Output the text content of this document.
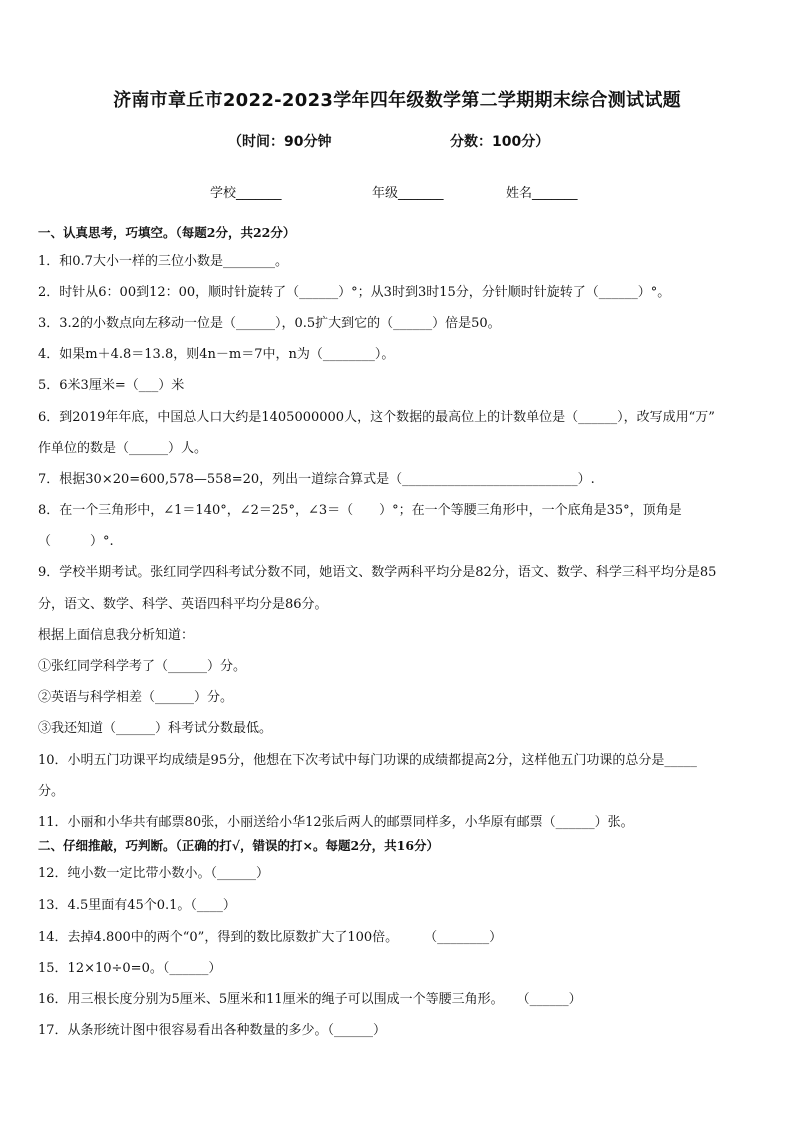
济南市章丘市2022-2023学年四年级数学第二学期期末综合测试试题
（时间：90分钟	分数：100分）
学校_______	年级_______	姓名_______
一、认真思考，巧填空。（每题2分，共22分）
1．和0.7大小一样的三位小数是________。
2．时针从6：00到12：00，顺时针旋转了（______）°；从3时到3时15分，分针顺时针旋转了（______）°。
3．3.2的小数点向左移动一位是（______），0.5扩大到它的（______）倍是50。
4．如果m＋4.8＝13.8，则4n－m＝7中，n为（________）。
5．6米3厘米=（___）米
6．到2019年年底，中国总人口大约是1405000000人，这个数据的最高位上的计数单位是（______），改写成用“万”
作单位的数是（______）人。
7．根据30×20=600,578—558=20，列出一道综合算式是（___________________________）.
8．在一个三角形中，∠1＝140°，∠2＝25°，∠3＝（　　）°；在一个等腰三角形中，一个底角是35°，顶角是
（　　　）°.
9．学校半期考试。张红同学四科考试分数不同，她语文、数学两科平均分是82分，语文、数学、科学三科平均分是85
分，语文、数学、科学、英语四科平均分是86分。
根据上面信息我分析知道：
①张红同学科学考了（______）分。
②英语与科学相差（______）分。
③我还知道（______）科考试分数最低。
10．小明五门功课平均成绩是95分，他想在下次考试中每门功课的成绩都提高2分，这样他五门功课的总分是_____
分。
11．小丽和小华共有邮票80张，小丽送给小华12张后两人的邮票同样多，小华原有邮票（______）张。
二、仔细推敲，巧判断。（正确的打√，错误的打×。每题2分，共16分）
12．纯小数一定比带小数小。（______）
13．4.5里面有45个0.1。（____）
14．去掉4.800中的两个“0”，得到的数比原数扩大了100倍。　　　（________）
15．12×10÷0=0。（______）
16．用三根长度分别为5厘米、5厘米和11厘米的绳子可以围成一个等腰三角形。　　（______）
17．从条形统计图中很容易看出各种数量的多少。（______）
